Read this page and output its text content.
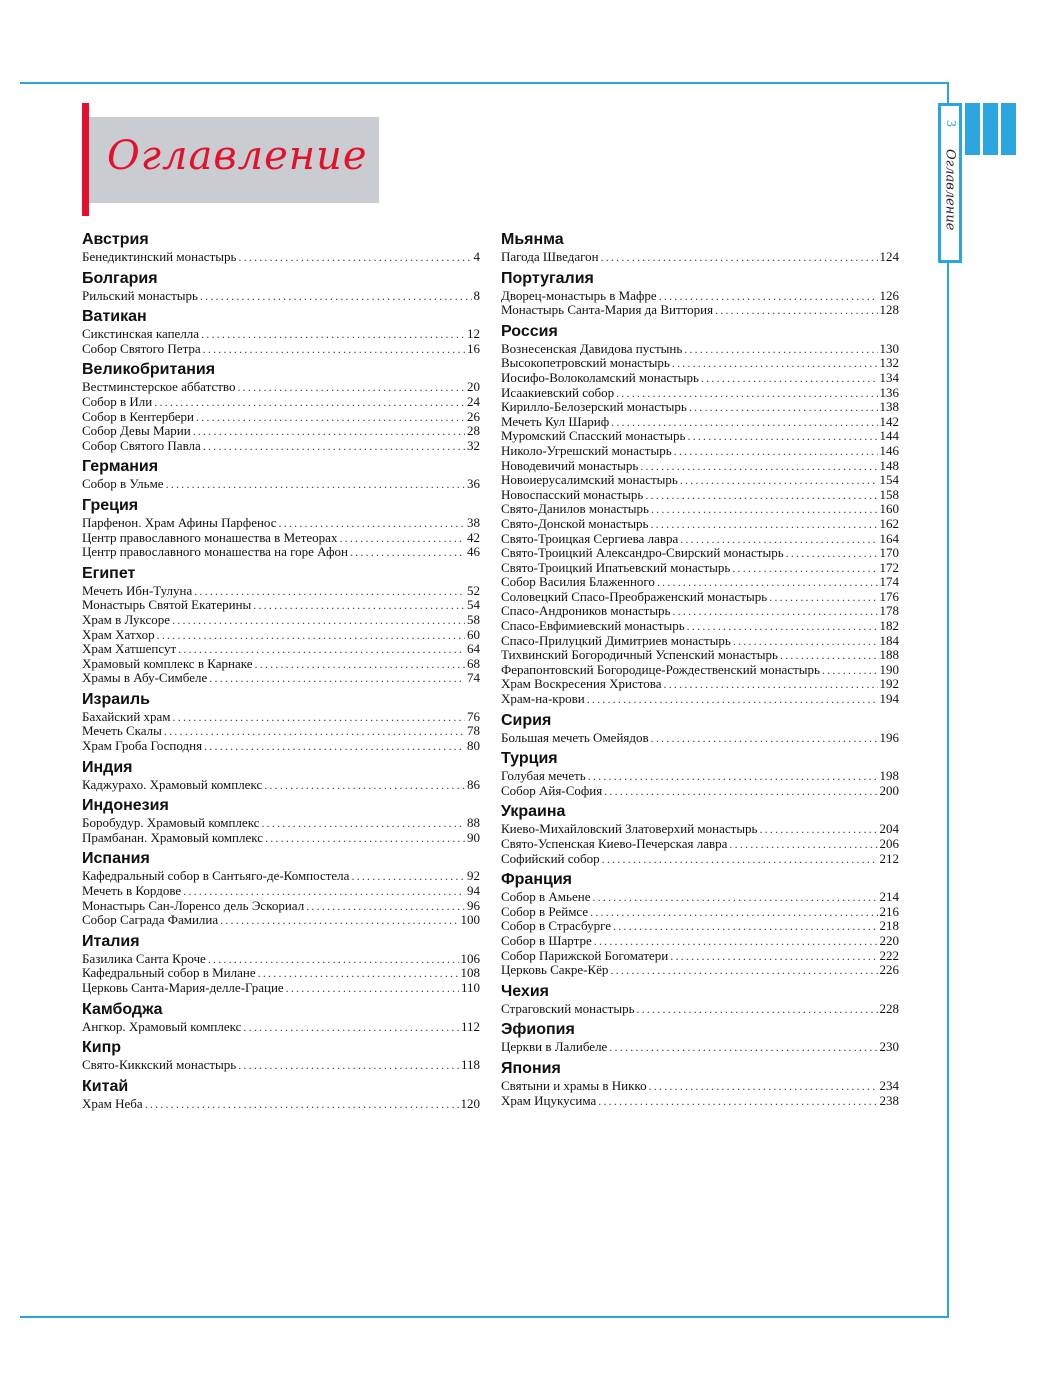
Оглавление
3
Оглавление
Австрия
Бенедиктинский монастырь .....	4
Болгария
Рильский монастырь .....	8
Ватикан
Сикстинская капелла .....	12
Собор Святого Петра .....	16
Великобритания
Вестминстерское аббатство .....	20
Собор в Или .....	24
Собор в Кентербери .....	26
Собор Девы Марии .....	28
Собор Святого Павла .....	32
Германия
Собор в Ульме .....	36
Греция
Парфенон. Храм Афины Парфенос .....	38
Центр православного монашества в Метеорах .....	42
Центр православного монашества на горе Афон .....	46
Египет
Мечеть Ибн-Тулуна .....	52
Монастырь Святой Екатерины .....	54
Храм в Луксоре .....	58
Храм Хатхор .....	60
Храм Хатшепсут .....	64
Храмовый комплекс в Карнаке .....	68
Храмы в Абу-Симбеле .....	74
Израиль
Бахайский храм .....	76
Мечеть Скалы .....	78
Храм Гроба Господня .....	80
Индия
Каджурахо. Храмовый комплекс .....	86
Индонезия
Боробудур. Храмовый комплекс .....	88
Прамбанан. Храмовый комплекс .....	90
Испания
Кафедральный собор в Сантьяго-де-Компостела .....	92
Мечеть в Кордове .....	94
Монастырь Сан-Лоренсо дель Эскориал .....	96
Собор Саграда Фамилиа .....	100
Италия
Базилика Санта Кроче .....	106
Кафедральный собор в Милане .....	108
Церковь Санта-Мария-делле-Грацие .....	110
Камбоджа
Ангкор. Храмовый комплекс .....	112
Кипр
Свято-Киккский монастырь .....	118
Китай
Храм Неба .....	120
Мьянма
Пагода Шведагон .....	124
Португалия
Дворец-монастырь в Мафре .....	126
Монастырь Санта-Мария да Виттория .....	128
Россия
Вознесенская Давидова пустынь .....	130
Высокопетровский монастырь .....	132
Иосифо-Волоколамский монастырь .....	134
Исаакиевский собор .....	136
Кирилло-Белозерский монастырь .....	138
Мечеть Кул Шариф .....	142
Муромский Спасский монастырь .....	144
Николо-Угрешский монастырь .....	146
Новодевичий монастырь .....	148
Новоиерусалимский монастырь .....	154
Новоспасский монастырь .....	158
Свято-Данилов монастырь .....	160
Свято-Донской монастырь .....	162
Свято-Троицкая Сергиева лавра .....	164
Свято-Троицкий Александро-Свирский монастырь .....	170
Свято-Троицкий Ипатьевский монастырь .....	172
Собор Василия Блаженного .....	174
Соловецкий Спасо-Преображенский монастырь .....	176
Спасо-Андроников монастырь .....	178
Спасо-Евфимиевский монастырь .....	182
Спасо-Прилуцкий Димитриев монастырь .....	184
Тихвинский Богородичный Успенский монастырь .....	188
Ферапонтовский Богородице-Рождественский монастырь .....	190
Храм Воскресения Христова .....	192
Храм-на-крови .....	194
Сирия
Большая мечеть Омейядов .....	196
Турция
Голубая мечеть .....	198
Собор Айя-София .....	200
Украина
Киево-Михайловский Златоверхий монастырь .....	204
Свято-Успенская Киево-Печерская лавра .....	206
Софийский собор .....	212
Франция
Собор в Амьене .....	214
Собор в Реймсе .....	216
Собор в Страсбурге .....	218
Собор в Шартре .....	220
Собор Парижской Богоматери .....	222
Церковь Сакре-Кёр .....	226
Чехия
Страговский монастырь .....	228
Эфиопия
Церкви в Лалибеле .....	230
Япония
Святыни и храмы в Никко .....	234
Храм Ицукусима .....	238
